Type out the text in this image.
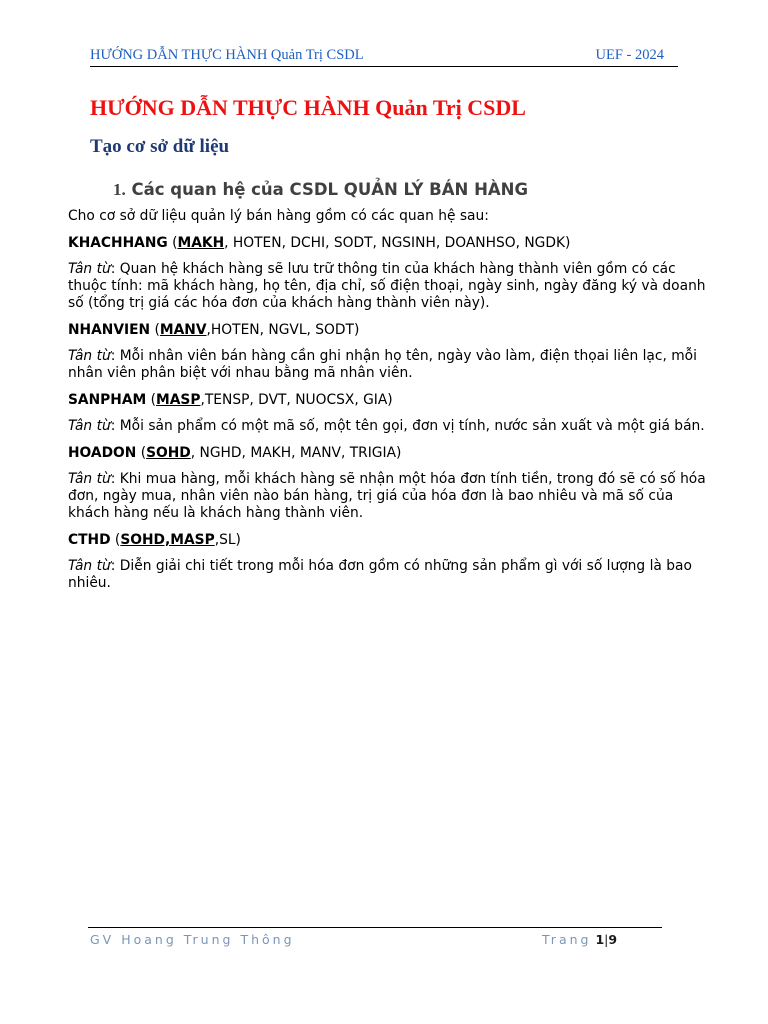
HƯỚNG DẪN THỰC HÀNH Quản Trị CSDL	UEF - 2024
HƯỚNG DẪN THỰC HÀNH Quản Trị CSDL
Tạo cơ sở dữ liệu
1. Các quan hệ của CSDL QUẢN LÝ BÁN HÀNG

Cho cơ sở dữ liệu quản lý bán hàng gồm có các quan hệ sau:

KHACHHANG (MAKH, HOTEN, DCHI, SODT, NGSINH, DOANHSO, NGDK)

Tân từ: Quan hệ khách hàng sẽ lưu trữ thông tin của khách hàng thành viên gồm có các thuộc tính: mã khách hàng, họ tên, địa chỉ, số điện thoại, ngày sinh, ngày đăng ký và doanh số (tổng trị giá các hóa đơn của khách hàng thành viên này).

NHANVIEN (MANV,HOTEN, NGVL, SODT)

Tân từ: Mỗi nhân viên bán hàng cần ghi nhận họ tên, ngày vào làm, điện thọai liên lạc, mỗi nhân viên phân biệt với nhau bằng mã nhân viên.

SANPHAM (MASP,TENSP, DVT, NUOCSX, GIA)

Tân từ: Mỗi sản phẩm có một mã số, một tên gọi, đơn vị tính, nước sản xuất và một giá bán.

HOADON (SOHD, NGHD, MAKH, MANV, TRIGIA)

Tân từ: Khi mua hàng, mỗi khách hàng sẽ nhận một hóa đơn tính tiền, trong đó sẽ có số hóa đơn, ngày mua, nhân viên nào bán hàng, trị giá của hóa đơn là bao nhiêu và mã số của khách hàng nếu là khách hàng thành viên.

CTHD (SOHD,MASP,SL)

Tân từ: Diễn giải chi tiết trong mỗi hóa đơn gồm có những sản phẩm gì với số lượng là bao nhiêu.

GV Hoang Trung Thông	Trang 1|9
